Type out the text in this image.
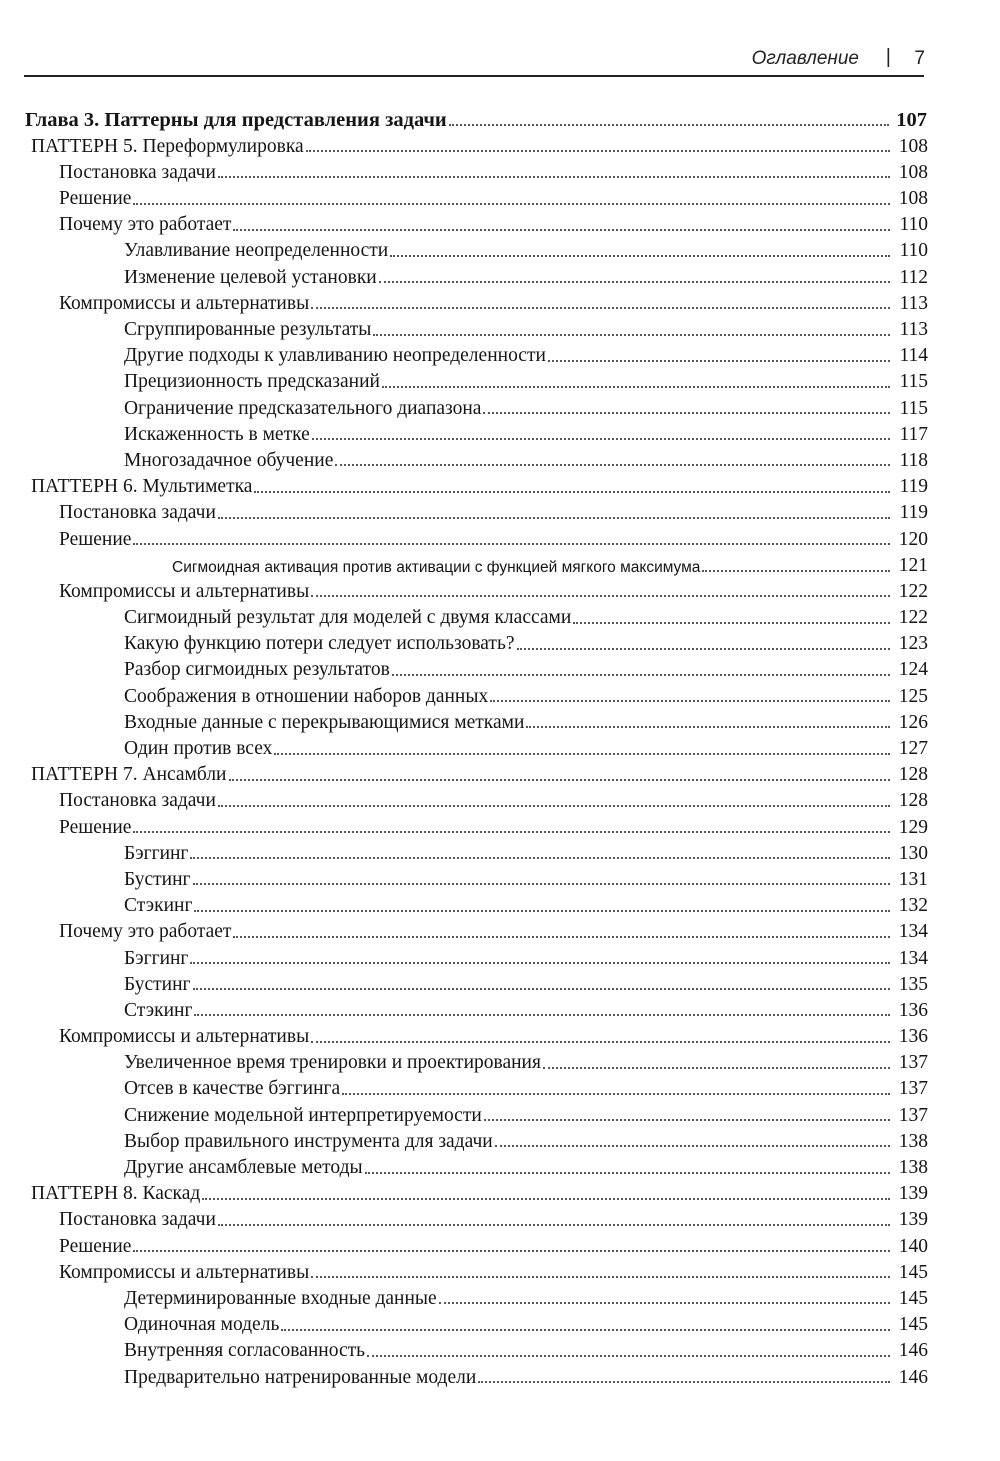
Оглавление | 7
Глава 3. Паттерны для представления задачи	107
ПАТТЕРН 5. Переформулировка	108
Постановка задачи	108
Решение	108
Почему это работает	110
Улавливание неопределенности	110
Изменение целевой установки	112
Компромиссы и альтернативы	113
Сгруппированные результаты	113
Другие подходы к улавливанию неопределенности	114
Прецизионность предсказаний	115
Ограничение предсказательного диапазона	115
Искаженность в метке	117
Многозадачное обучение	118
ПАТТЕРН 6. Мультиметка	119
Постановка задачи	119
Решение	120
Сигмоидная активация против активации с функцией мягкого максимума	121
Компромиссы и альтернативы	122
Сигмоидный результат для моделей с двумя классами	122
Какую функцию потери следует использовать?	123
Разбор сигмоидных результатов	124
Соображения в отношении наборов данных	125
Входные данные с перекрывающимися метками	126
Один против всех	127
ПАТТЕРН 7. Ансамбли	128
Постановка задачи	128
Решение	129
Бэггинг	130
Бустинг	131
Стэкинг	132
Почему это работает	134
Бэггинг	134
Бустинг	135
Стэкинг	136
Компромиссы и альтернативы	136
Увеличенное время тренировки и проектирования	137
Отсев в качестве бэггинга	137
Снижение модельной интерпретируемости	137
Выбор правильного инструмента для задачи	138
Другие ансамблевые методы	138
ПАТТЕРН 8. Каскад	139
Постановка задачи	139
Решение	140
Компромиссы и альтернативы	145
Детерминированные входные данные	145
Одиночная модель	145
Внутренняя согласованность	146
Предварительно натренированные модели	146
